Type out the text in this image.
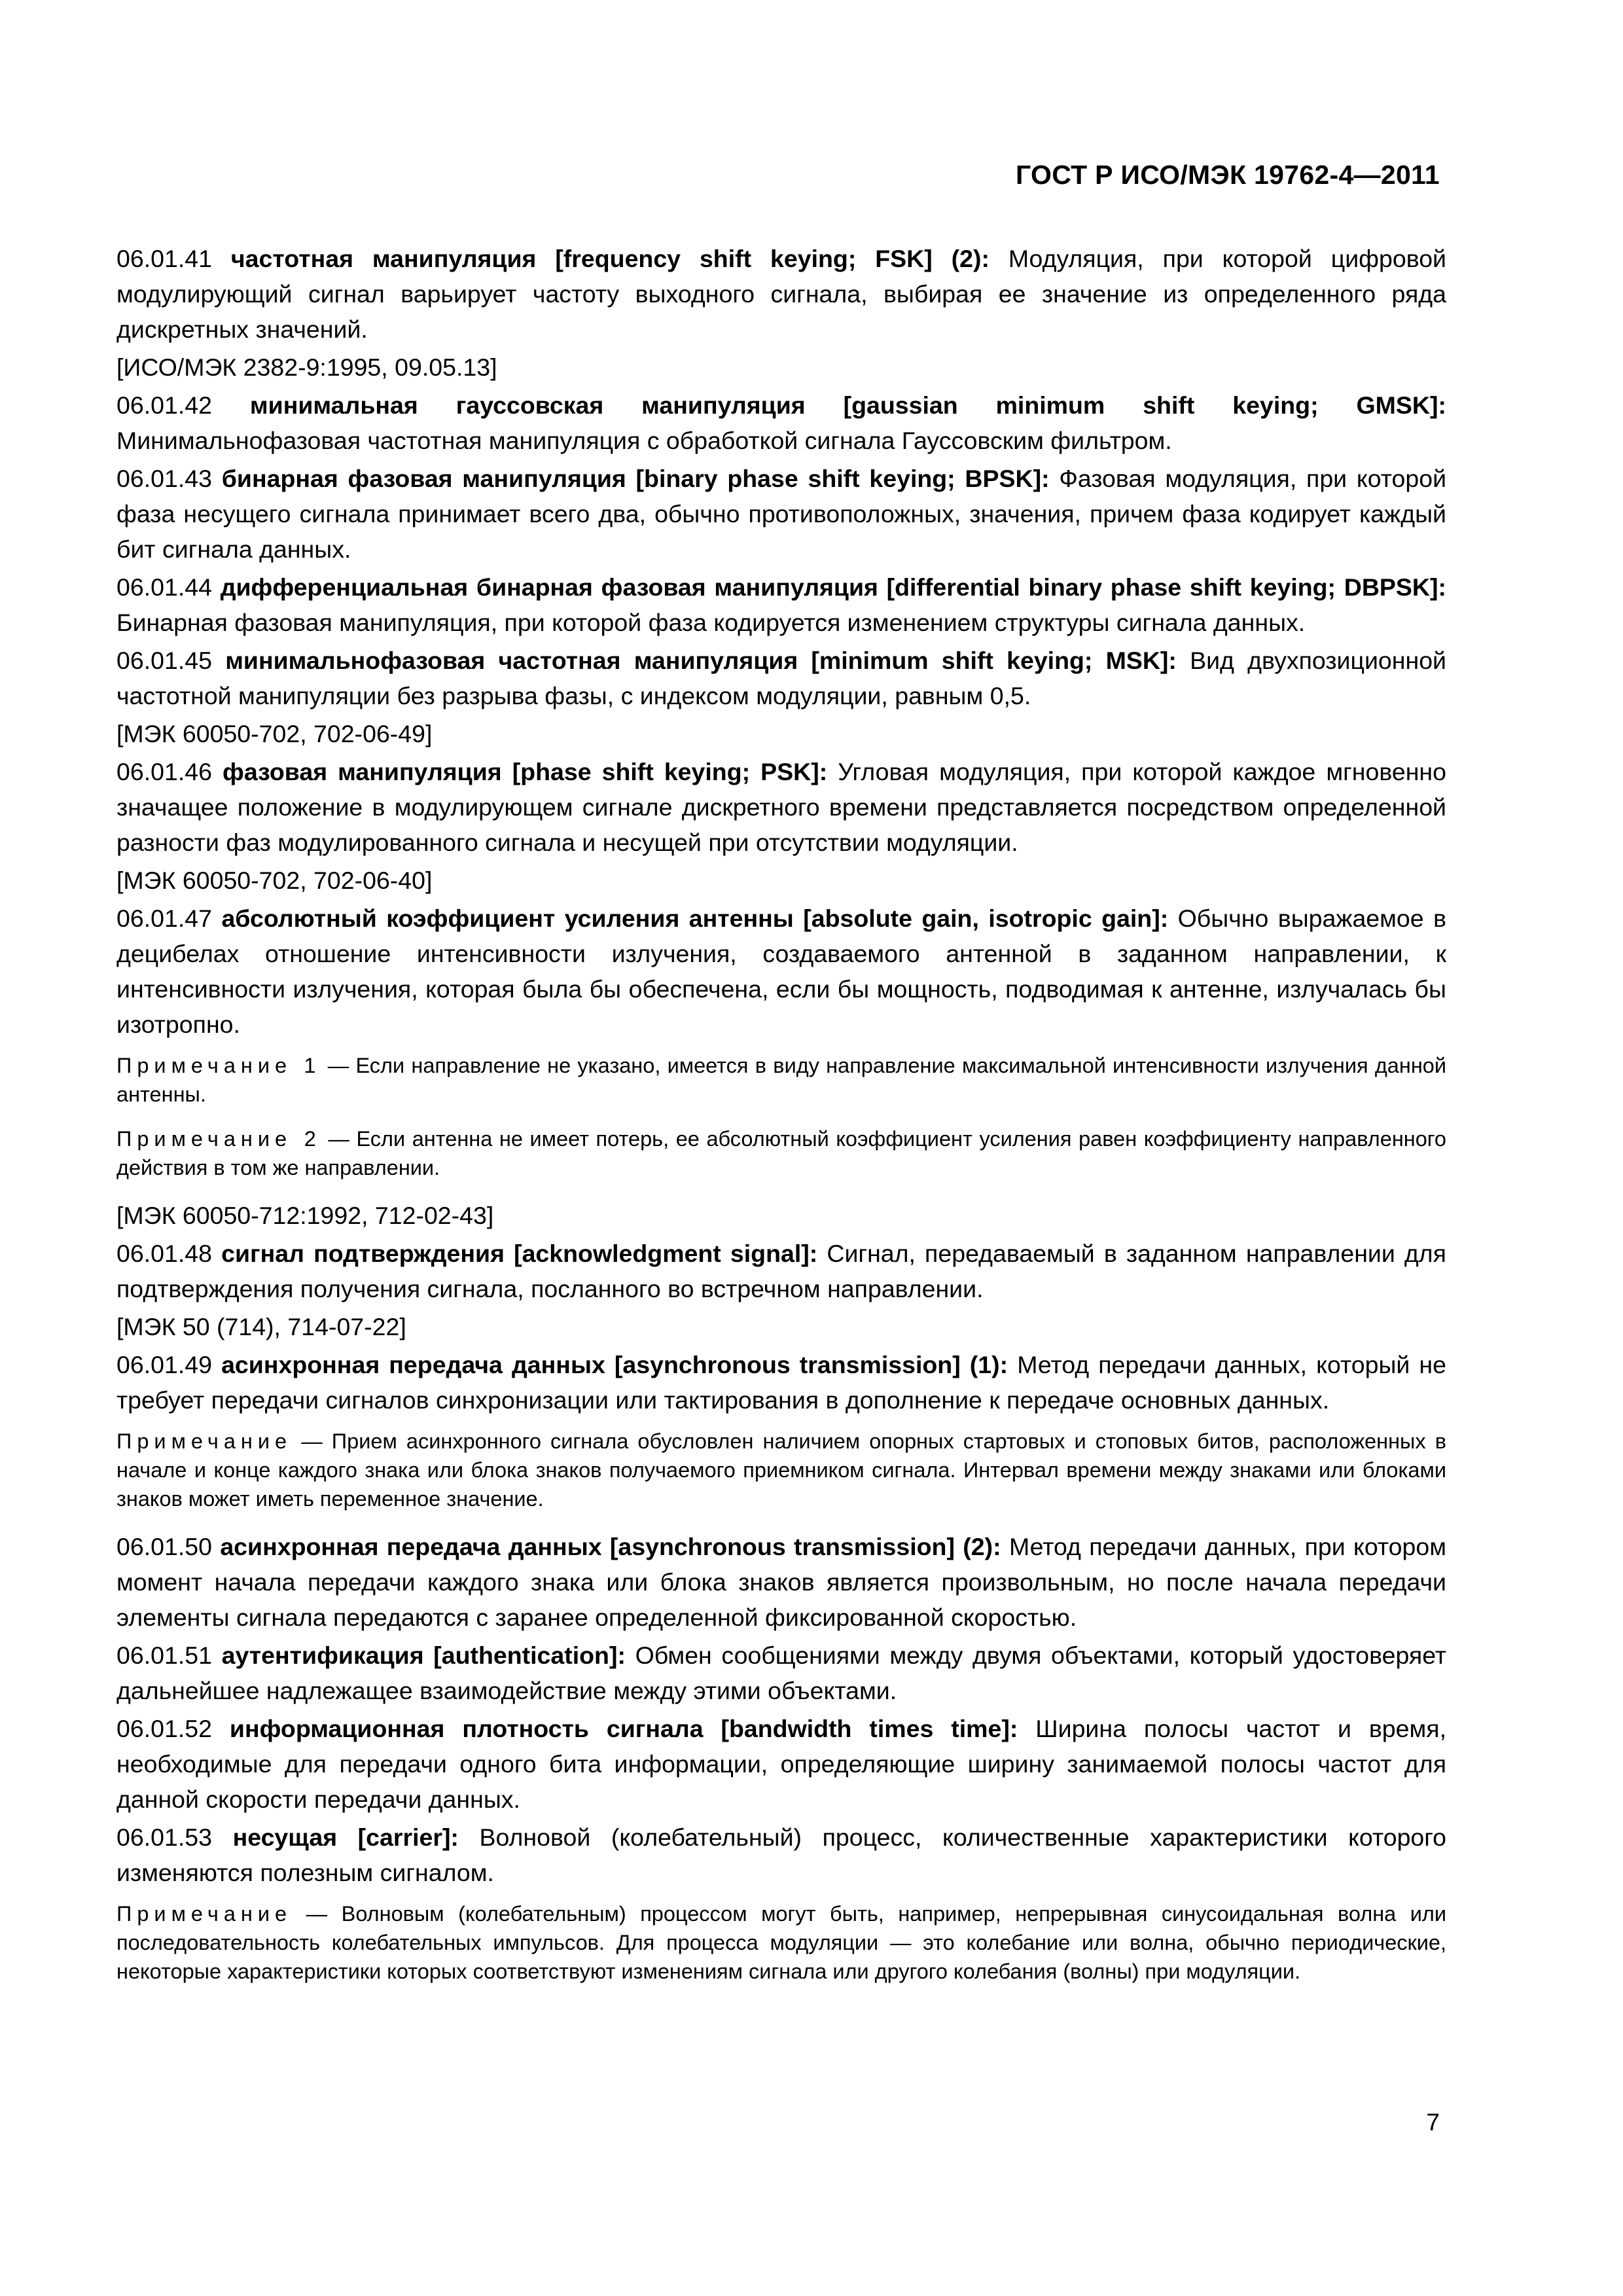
ГОСТ Р ИСО/МЭК 19762-4—2011

06.01.41 частотная манипуляция [frequency shift keying; FSK] (2): Модуляция, при которой цифровой модулирующий сигнал варьирует частоту выходного сигнала, выбирая ее значение из определенного ряда дискретных значений.

[ИСО/МЭК 2382-9:1995, 09.05.13]

06.01.42 минимальная гауссовская манипуляция [gaussian minimum shift keying; GMSK]: Минимальнофазовая частотная манипуляция с обработкой сигнала Гауссовским фильтром.

06.01.43 бинарная фазовая манипуляция [binary phase shift keying; BPSK]: Фазовая модуляция, при которой фаза несущего сигнала принимает всего два, обычно противоположных, значения, причем фаза кодирует каждый бит сигнала данных.

06.01.44 дифференциальная бинарная фазовая манипуляция [differential binary phase shift keying; DBPSK]: Бинарная фазовая манипуляция, при которой фаза кодируется изменением структуры сигнала данных.

06.01.45 минимальнофазовая частотная манипуляция [minimum shift keying; MSK]: Вид двухпозиционной частотной манипуляции без разрыва фазы, с индексом модуляции, равным 0,5.

[МЭК 60050-702, 702-06-49]

06.01.46 фазовая манипуляция [phase shift keying; PSK]: Угловая модуляция, при которой каждое мгновенно значащее положение в модулирующем сигнале дискретного времени представляется посредством определенной разности фаз модулированного сигнала и несущей при отсутствии модуляции.

[МЭК 60050-702, 702-06-40]

06.01.47 абсолютный коэффициент усиления антенны [absolute gain, isotropic gain]: Обычно выражаемое в децибелах отношение интенсивности излучения, создаваемого антенной в заданном направлении, к интенсивности излучения, которая была бы обеспечена, если бы мощность, подводимая к антенне, излучалась бы изотропно.

Примечание 1 — Если направление не указано, имеется в виду направление максимальной интенсивности излучения данной антенны.

Примечание 2 — Если антенна не имеет потерь, ее абсолютный коэффициент усиления равен коэффициенту направленного действия в том же направлении.

[МЭК 60050-712:1992, 712-02-43]

06.01.48 сигнал подтверждения [acknowledgment signal]: Сигнал, передаваемый в заданном направлении для подтверждения получения сигнала, посланного во встречном направлении.

[МЭК 50 (714), 714-07-22]

06.01.49 асинхронная передача данных [asynchronous transmission] (1): Метод передачи данных, который не требует передачи сигналов синхронизации или тактирования в дополнение к передаче основных данных.

Примечание — Прием асинхронного сигнала обусловлен наличием опорных стартовых и стоповых битов, расположенных в начале и конце каждого знака или блока знаков получаемого приемником сигнала. Интервал времени между знаками или блоками знаков может иметь переменное значение.

06.01.50 асинхронная передача данных [asynchronous transmission] (2): Метод передачи данных, при котором момент начала передачи каждого знака или блока знаков является произвольным, но после начала передачи элементы сигнала передаются с заранее определенной фиксированной скоростью.

06.01.51 аутентификация [authentication]: Обмен сообщениями между двумя объектами, который удостоверяет дальнейшее надлежащее взаимодействие между этими объектами.

06.01.52 информационная плотность сигнала [bandwidth times time]: Ширина полосы частот и время, необходимые для передачи одного бита информации, определяющие ширину занимаемой полосы частот для данной скорости передачи данных.

06.01.53 несущая [carrier]: Волновой (колебательный) процесс, количественные характеристики которого изменяются полезным сигналом.

Примечание — Волновым (колебательным) процессом могут быть, например, непрерывная синусоидальная волна или последовательность колебательных импульсов. Для процесса модуляции — это колебание или волна, обычно периодические, некоторые характеристики которых соответствуют изменениям сигнала или другого колебания (волны) при модуляции.

7
